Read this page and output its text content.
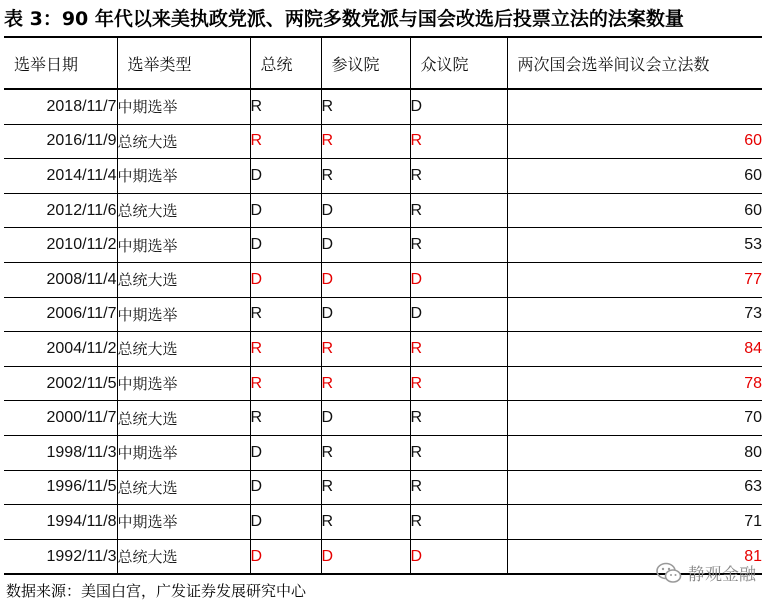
表 3：90 年代以来美执政党派、两院多数党派与国会改选后投票立法的法案数量
选举日期	选举类型	总统	参议院	众议院	两次国会选举间议会立法数
2018/11/7	中期选举	R	R	D	
2016/11/9	总统大选	R	R	R	60
2014/11/4	中期选举	D	R	R	60
2012/11/6	总统大选	D	D	R	60
2010/11/2	中期选举	D	D	R	53
2008/11/4	总统大选	D	D	D	77
2006/11/7	中期选举	R	D	D	73
2004/11/2	总统大选	R	R	R	84
2002/11/5	中期选举	R	R	R	78
2000/11/7	总统大选	R	D	R	70
1998/11/3	中期选举	D	R	R	80
1996/11/5	总统大选	D	R	R	63
1994/11/8	中期选举	D	R	R	71
1992/11/3	总统大选	D	D	D	81
数据来源：美国白宫，广发证券发展研究中心
静观金融
